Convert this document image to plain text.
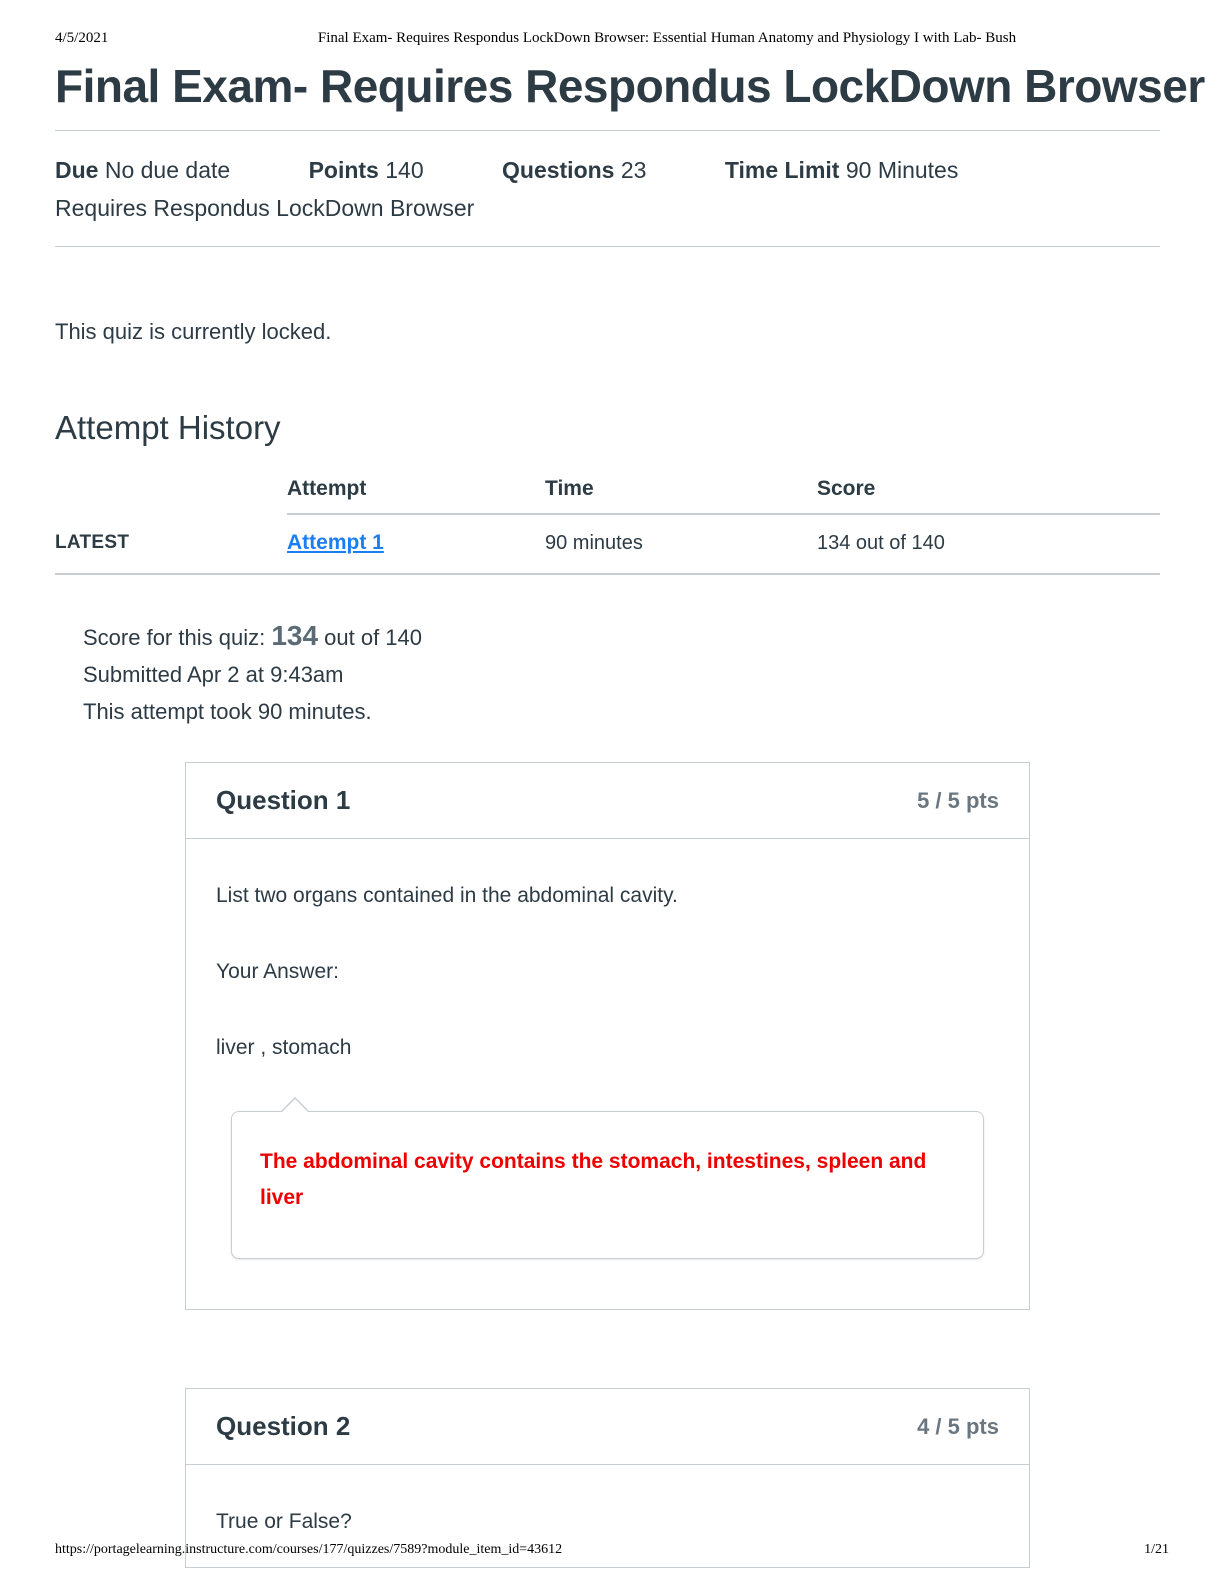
4/5/2021	Final Exam- Requires Respondus LockDown Browser: Essential Human Anatomy and Physiology I with Lab- Bush
Final Exam- Requires Respondus LockDown Browser
Due No due date	Points 140	Questions 23	Time Limit 90 Minutes
Requires Respondus LockDown Browser
This quiz is currently locked.
Attempt History
	Attempt	Time	Score
LATEST	Attempt 1	90 minutes	134 out of 140
Score for this quiz: 134 out of 140
Submitted Apr 2 at 9:43am
This attempt took 90 minutes.
Question 1	5 / 5 pts

List two organs contained in the abdominal cavity.

Your Answer:

liver , stomach

The abdominal cavity contains the stomach, intestines, spleen and liver
Question 2	4 / 5 pts

True or False?

https://portagelearning.instructure.com/courses/177/quizzes/7589?module_item_id=43612	1/21
